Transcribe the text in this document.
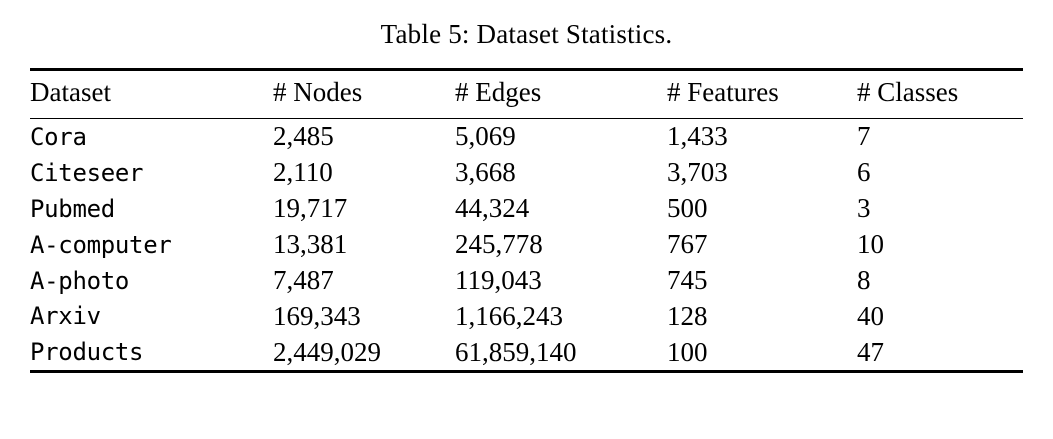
Table 5: Dataset Statistics.
Dataset	# Nodes	# Edges	# Features	# Classes
Cora	2,485	5,069	1,433	7
Citeseer	2,110	3,668	3,703	6
Pubmed	19,717	44,324	500	3
A-computer	13,381	245,778	767	10
A-photo	7,487	119,043	745	8
Arxiv	169,343	1,166,243	128	40
Products	2,449,029	61,859,140	100	47
